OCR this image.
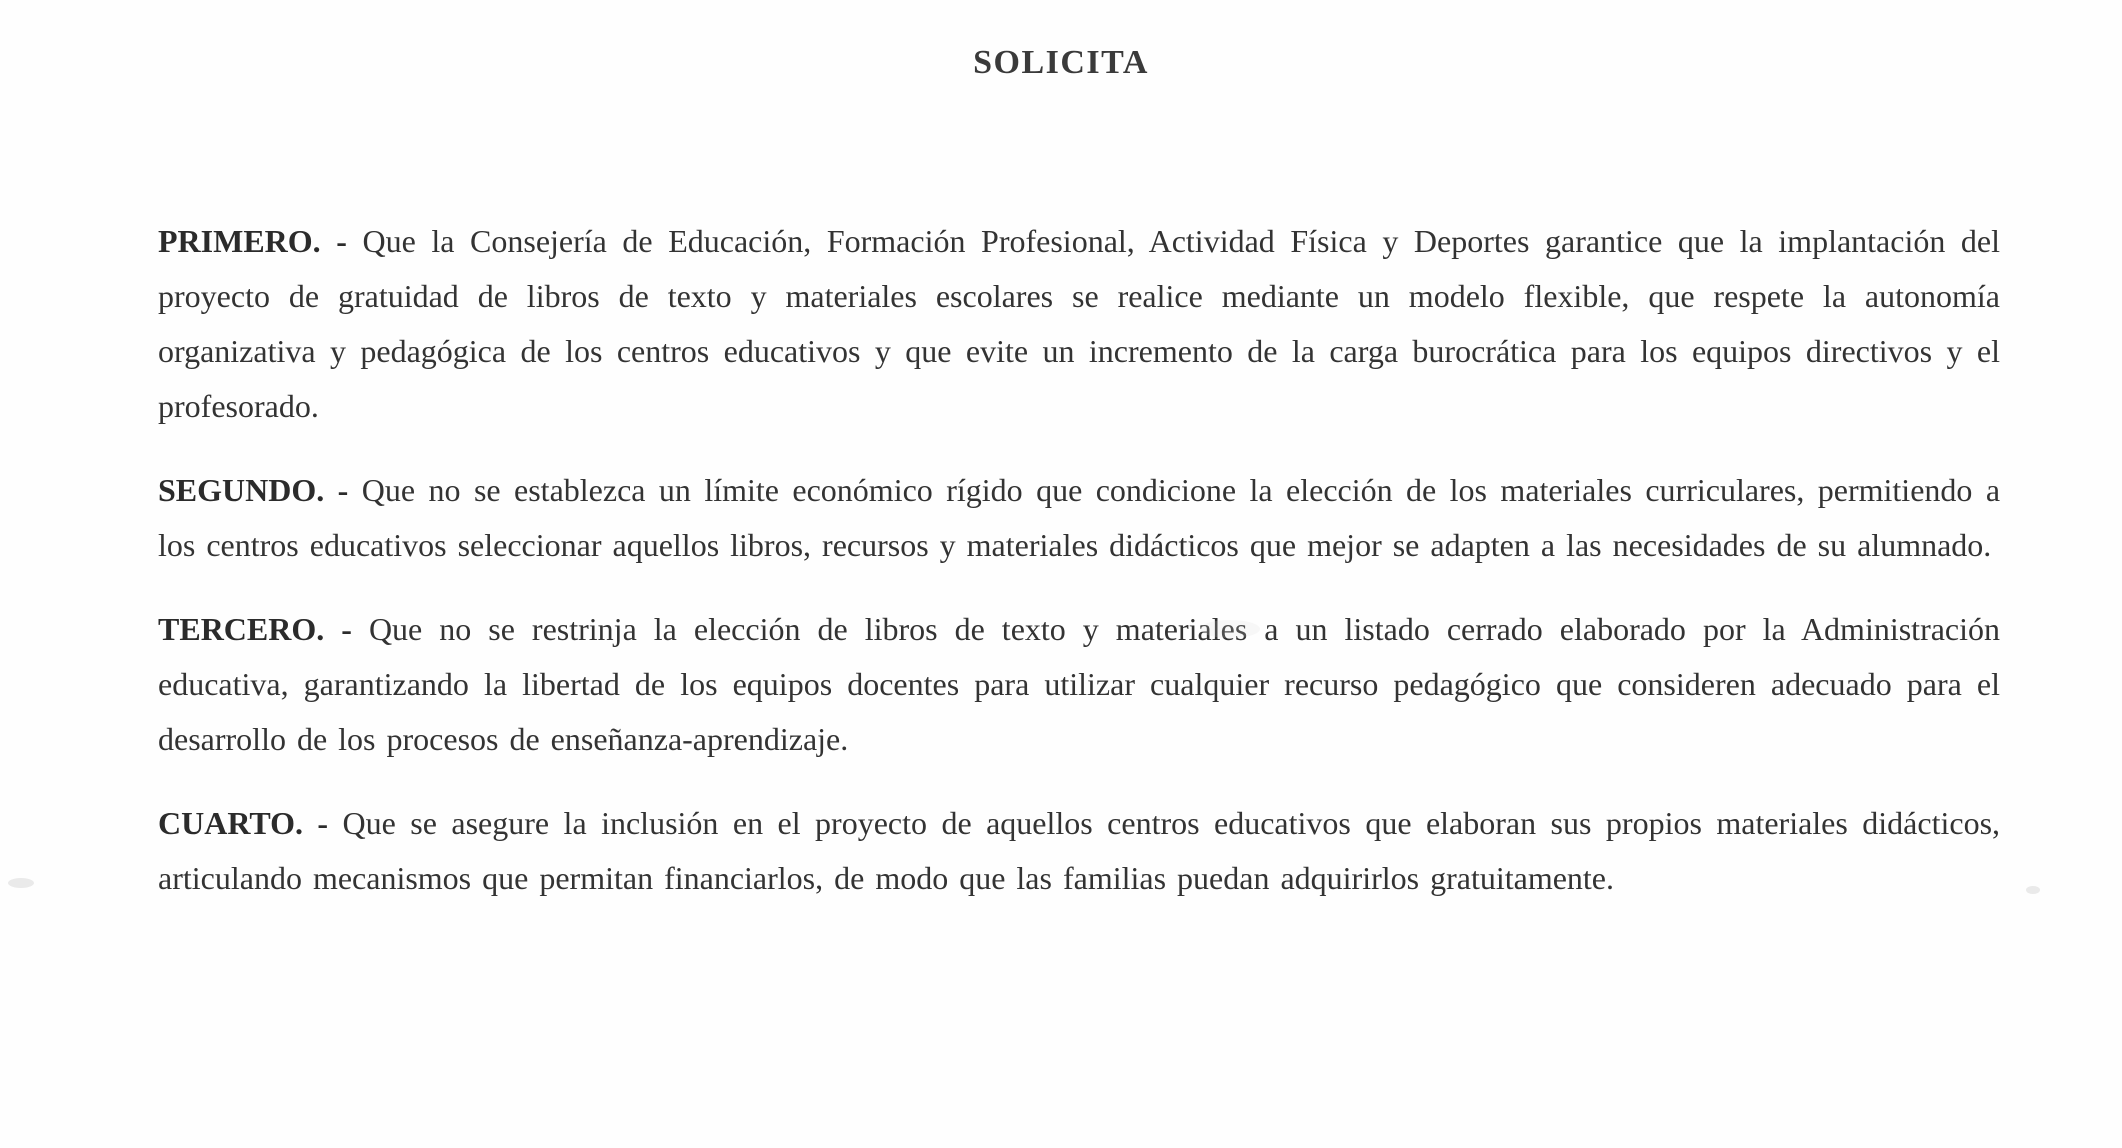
SOLICITA

PRIMERO. - Que la Consejería de Educación, Formación Profesional, Actividad Física y Deportes garantice que la implantación del proyecto de gratuidad de libros de texto y materiales escolares se realice mediante un modelo flexible, que respete la autonomía organizativa y pedagógica de los centros educativos y que evite un incremento de la carga burocrática para los equipos directivos y el profesorado.

SEGUNDO. - Que no se establezca un límite económico rígido que condicione la elección de los materiales curriculares, permitiendo a los centros educativos seleccionar aquellos libros, recursos y materiales didácticos que mejor se adapten a las necesidades de su alumnado.

TERCERO. - Que no se restrinja la elección de libros de texto y materiales a un listado cerrado elaborado por la Administración educativa, garantizando la libertad de los equipos docentes para utilizar cualquier recurso pedagógico que consideren adecuado para el desarrollo de los procesos de enseñanza-aprendizaje.

CUARTO. - Que se asegure la inclusión en el proyecto de aquellos centros educativos que elaboran sus propios materiales didácticos, articulando mecanismos que permitan financiarlos, de modo que las familias puedan adquirirlos gratuitamente.
